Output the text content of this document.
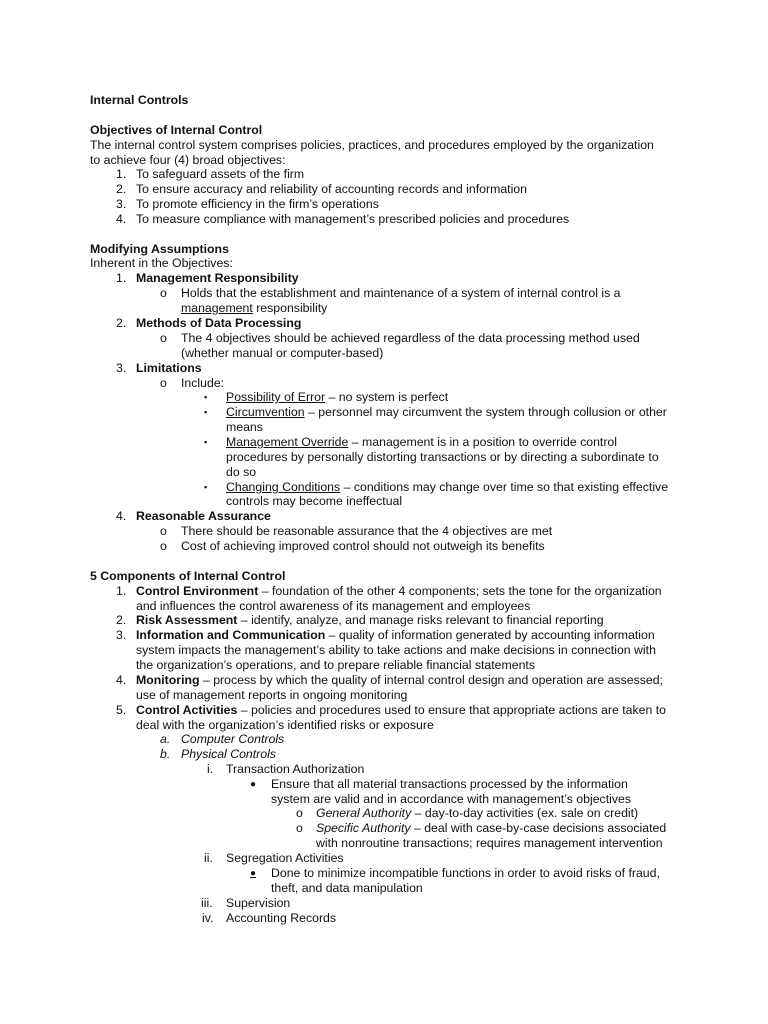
Internal Controls
Objectives of Internal Control
The internal control system comprises policies, practices, and procedures employed by the organization
to achieve four (4) broad objectives:
1. To safeguard assets of the firm
2. To ensure accuracy and reliability of accounting records and information
3. To promote efficiency in the firm’s operations
4. To measure compliance with management’s prescribed policies and procedures
Modifying Assumptions
Inherent in the Objectives:
1. Management Responsibility
o Holds that the establishment and maintenance of a system of internal control is a
management responsibility
2. Methods of Data Processing
o The 4 objectives should be achieved regardless of the data processing method used
(whether manual or computer-based)
3. Limitations
o Include:
▪ Possibility of Error – no system is perfect
▪ Circumvention – personnel may circumvent the system through collusion or other
means
▪ Management Override – management is in a position to override control
procedures by personally distorting transactions or by directing a subordinate to
do so
▪ Changing Conditions – conditions may change over time so that existing effective
controls may become ineffectual
4. Reasonable Assurance
o There should be reasonable assurance that the 4 objectives are met
o Cost of achieving improved control should not outweigh its benefits
5 Components of Internal Control
1. Control Environment – foundation of the other 4 components; sets the tone for the organization
and influences the control awareness of its management and employees
2. Risk Assessment – identify, analyze, and manage risks relevant to financial reporting
3. Information and Communication – quality of information generated by accounting information
system impacts the management’s ability to take actions and make decisions in connection with
the organization’s operations, and to prepare reliable financial statements
4. Monitoring – process by which the quality of internal control design and operation are assessed;
use of management reports in ongoing monitoring
5. Control Activities – policies and procedures used to ensure that appropriate actions are taken to
deal with the organization’s identified risks or exposure
a. Computer Controls
b. Physical Controls
i. Transaction Authorization
● Ensure that all material transactions processed by the information
system are valid and in accordance with management’s objectives
o General Authority – day-to-day activities (ex. sale on credit)
o Specific Authority – deal with case-by-case decisions associated
with nonroutine transactions; requires management intervention
ii. Segregation Activities
●	Done to minimize incompatible functions in order to avoid risks of fraud,
theft, and data manipulation
iii. Supervision
iv. Accounting Records
